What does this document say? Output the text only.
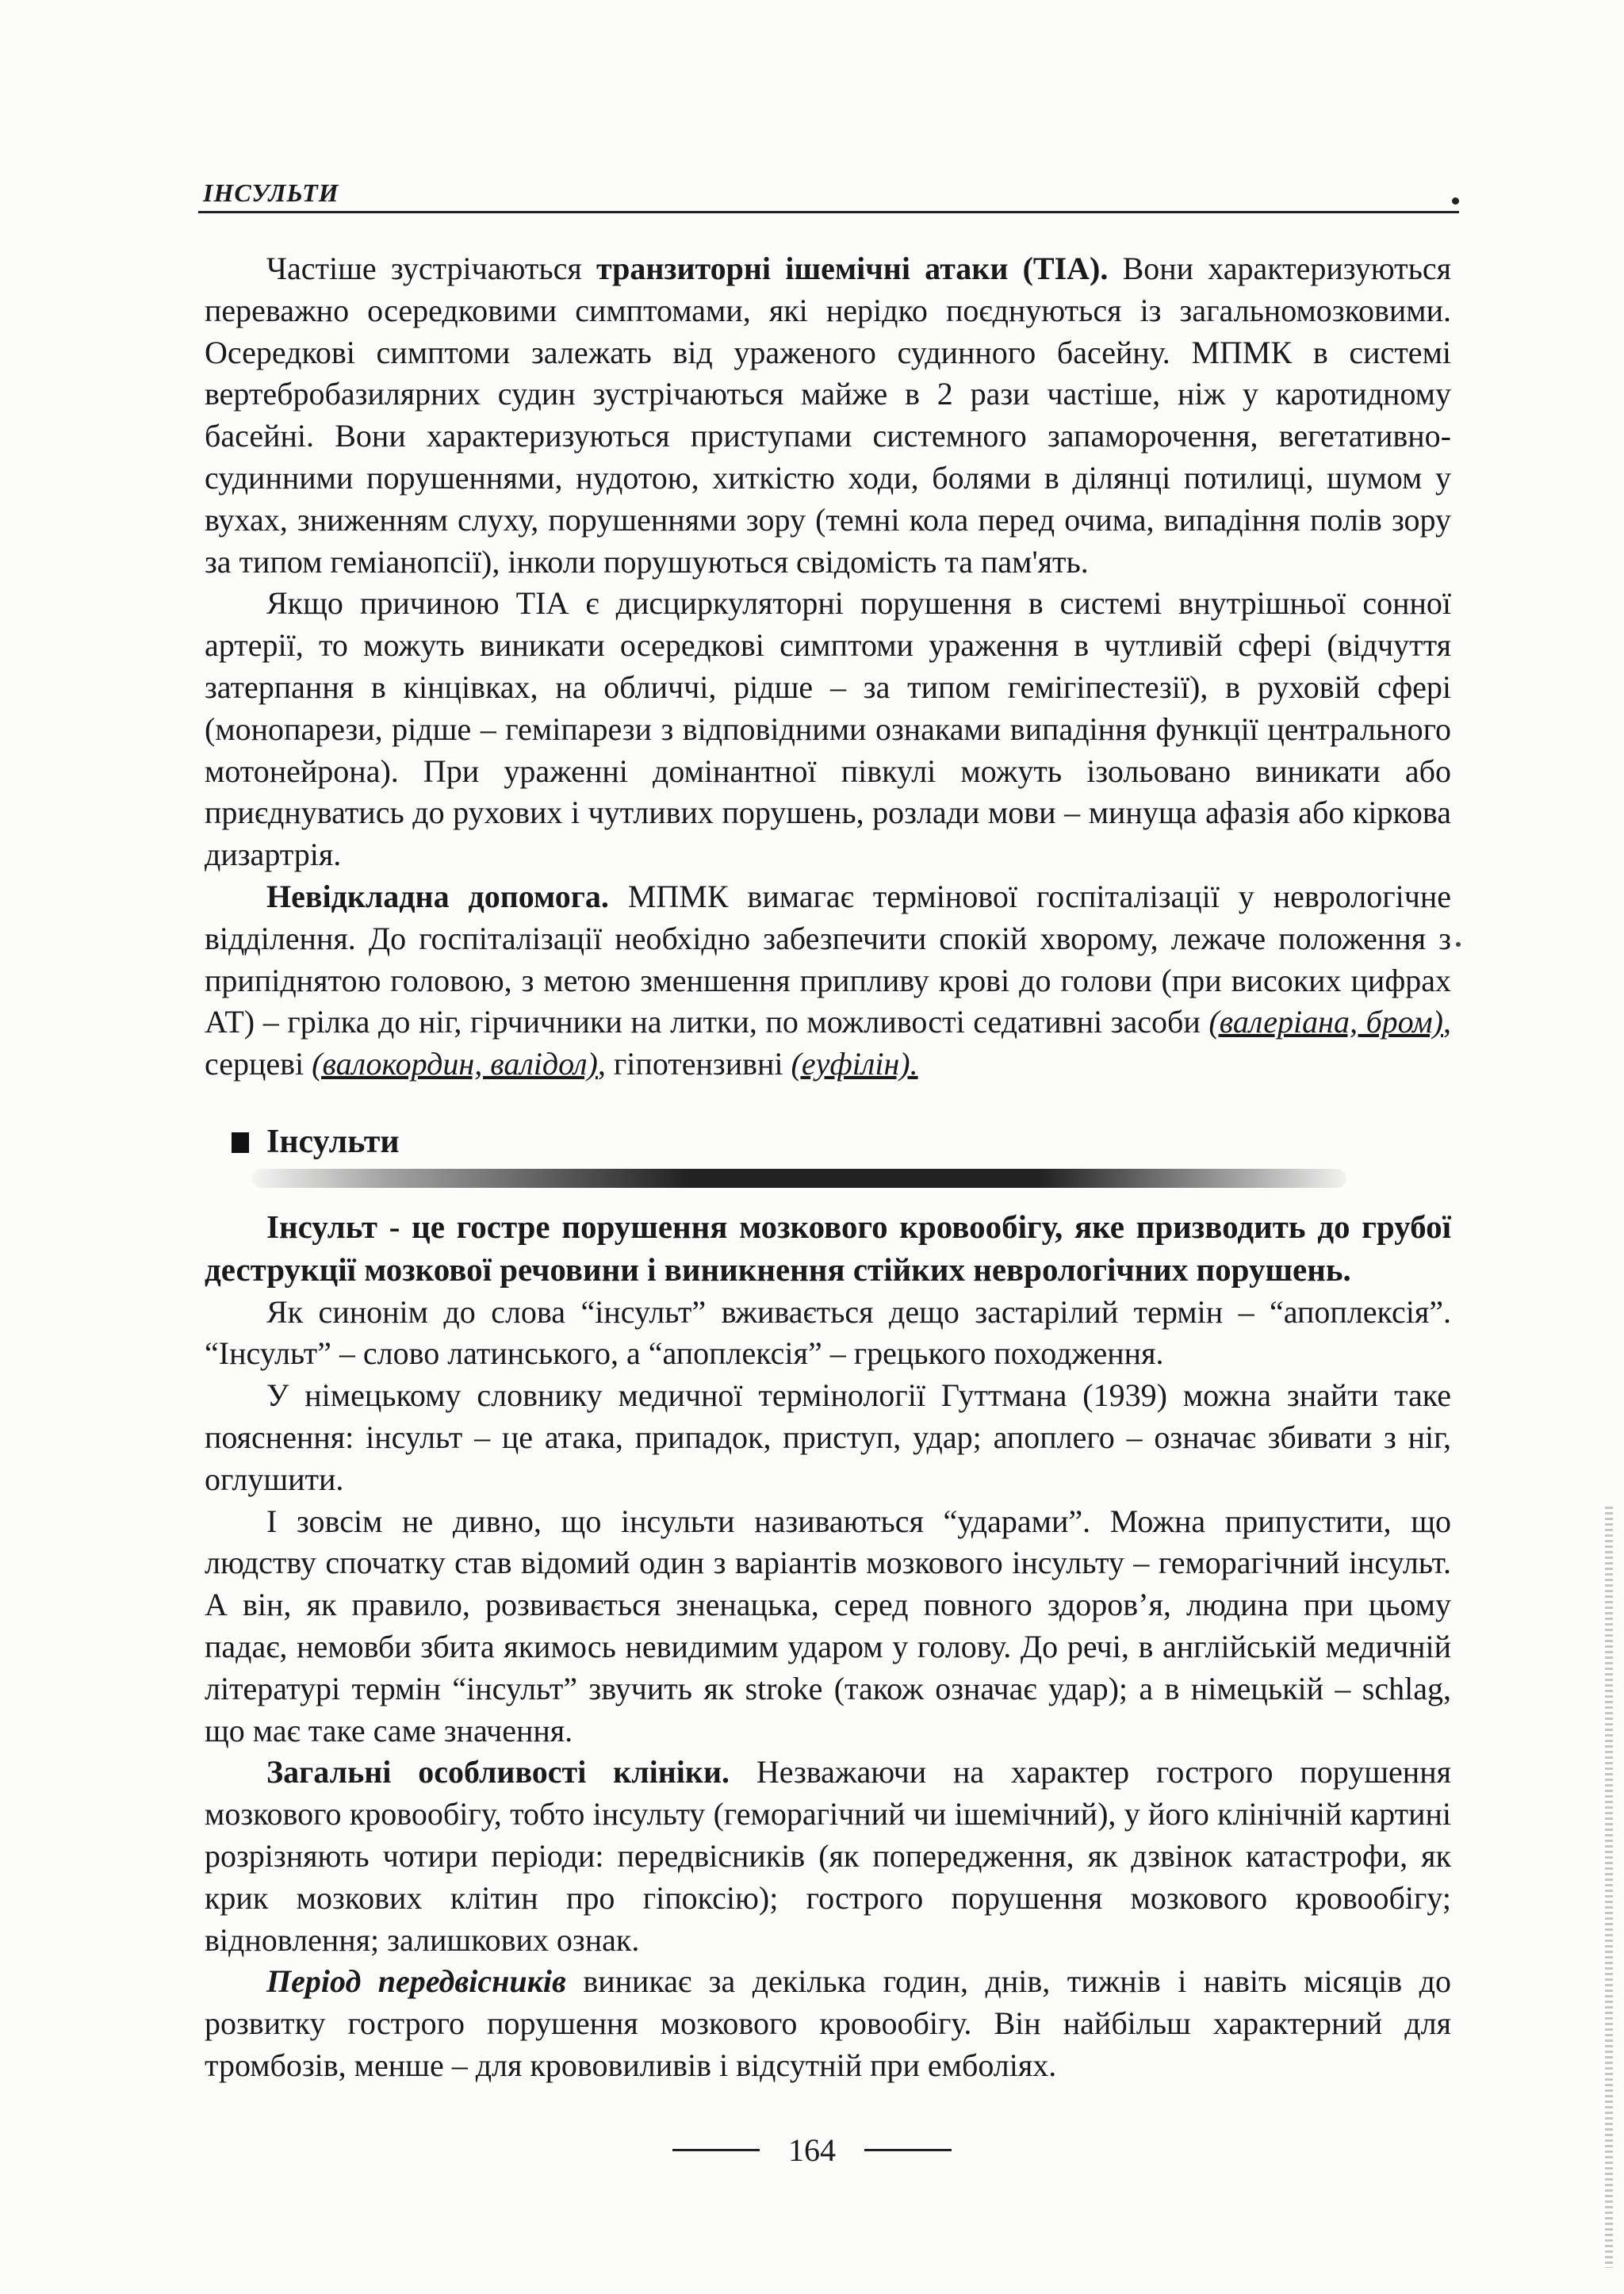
ІНСУЛЬТИ

Частіше зустрічаються транзиторні ішемічні атаки (ТІА). Вони характеризуються переважно осередковими симптомами, які нерідко поєднуються із загальномозковими. Осередкові симптоми залежать від ураженого судинного басейну. МПМК в системі вертебробазилярних судин зустрічаються майже в 2 рази частіше, ніж у каротидному басейні. Вони характеризуються приступами системного запаморочення, вегетативно-судинними порушеннями, нудотою, хиткістю ходи, болями в ділянці потилиці, шумом у вухах, зниженням слуху, порушеннями зору (темні кола перед очима, випадіння полів зору за типом геміанопсії), інколи порушуються свідомість та пам'ять.

Якщо причиною ТІА є дисциркуляторні порушення в системі внутрішньої сонної артерії, то можуть виникати осередкові симптоми ураження в чутливій сфері (відчуття затерпання в кінцівках, на обличчі, рідше – за типом гемігіпестезії), в руховій сфері (монопарези, рідше – геміпарези з відповідними ознаками випадіння функції центрального мотонейрона). При ураженні домінантної півкулі можуть ізольовано виникати або приєднуватись до рухових і чутливих порушень, розлади мови – минуща афазія або кіркова дизартрія.

Невідкладна допомога. МПМК вимагає термінової госпіталізації у неврологічне відділення. До госпіталізації необхідно забезпечити спокій хворому, лежаче положення з припіднятою головою, з метою зменшення припливу крові до голови (при високих цифрах АТ) – грілка до ніг, гірчичники на литки, по можливості седативні засоби (валеріана, бром), серцеві (валокордин, валідол), гіпотензивні (еуфілін).

Інсульти

Інсульт - це гостре порушення мозкового кровообігу, яке призводить до грубої деструкції мозкової речовини і виникнення стійких неврологічних порушень.

Як синонім до слова “інсульт” вживається дещо застарілий термін – “апоплексія”. “Інсульт” – слово латинського, а “апоплексія” – грецького походження.

У німецькому словнику медичної термінології Гуттмана (1939) можна знайти таке пояснення: інсульт – це атака, припадок, приступ, удар; апоплего – означає збивати з ніг, оглушити.

І зовсім не дивно, що інсульти називаються “ударами”. Можна припустити, що людству спочатку став відомий один з варіантів мозкового інсульту – геморагічний інсульт. А він, як правило, розвивається зненацька, серед повного здоров’я, людина при цьому падає, немовби збита якимось невидимим ударом у голову. До речі, в англійській медичній літературі термін “інсульт” звучить як stroke (також означає удар); а в німецькій – schlag, що має таке саме значення.

Загальні особливості клініки. Незважаючи на характер гострого порушення мозкового кровообігу, тобто інсульту (геморагічний чи ішемічний), у його клінічній картині розрізняють чотири періоди: передвісників (як попередження, як дзвінок катастрофи, як крик мозкових клітин про гіпоксію); гострого порушення мозкового кровообігу; відновлення; залишкових ознак.

Період передвісників виникає за декілька годин, днів, тижнів і навіть місяців до розвитку гострого порушення мозкового кровообігу. Він найбільш характерний для тромбозів, менше – для крововиливів і відсутній при емболіях.

164
